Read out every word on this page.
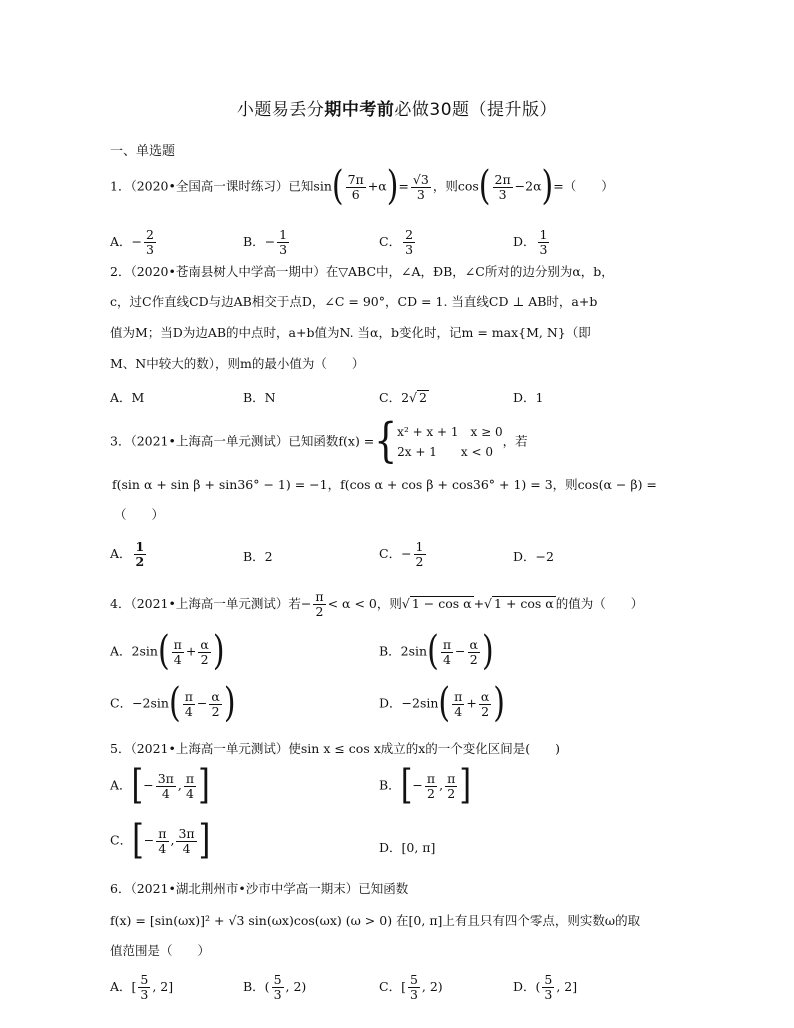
小题易丢分期中考前必做30题（提升版）
一、单选题
1．（2020•全国高一课时练习）已知$\sin( \frac{7\pi}{6} +\alpha)= \frac{√3}{3}$ ，则$\cos( \frac{2\pi}{3} -2\alpha)=$（　　）
A．− $\frac{2}{3}$	B．− $\frac{1}{3}$	C． $\frac{2}{3}$	D． $\frac{1}{3}$
2．（2020•苍南县树人中学高一期中）在▽ABC中，∠A，ÐB，∠C所对的边分别为α，b，
c，过C作直线CD与边AB相交于点D，∠C = 90°，CD = 1. 当直线CD ⊥ AB时，a+b
值为M；当D为边AB的中点时，a+b值为N. 当α，b变化时，记m = max{M, N}（即
M、N中较大的数），则m的最小值为（　　）
A．M	B．N	C．2√ 2	D．1
3．（2021•上海高一单元测试）已知函数f(x) ={x² + x + 1　x ≥ 0
2x + 1　　x < 0，若
f(sin α + sin β + sin36° − 1) = −1，f(cos α + cos β + cos36° + 1) = 3，则cos(α − β) =
（　　）
A． $\frac{1}{2}$	B．2	C．− $\frac{1}{2}$	D．−2
4．（2021•上海高一单元测试）若− $\frac{\pi}{2} < \alpha < 0$，则√ 1 − cos α +√ 1 + cos α 的值为（　　）
A．$2\sin( \frac{\pi}{4} + \frac{\alpha}{2}$ )	B．$2\sin( \frac{\pi}{4} - \frac{\alpha}{2}$ )
C．$-2\sin( \frac{\pi}{4} - \frac{\alpha}{2}$ )	D．$-2\sin( \frac{\pi}{4} + \frac{\alpha}{2}$ )
5．（2021•上海高一单元测试）使sin x ≤ cos x成立的x的一个变化区间是(　　)
A．[− $\frac{3\pi}{4}$ , $\frac{\pi}{4}$ ]	B．[− $\frac{\pi}{2}$ , $\frac{\pi}{2}$ ]
C．[− $\frac{\pi}{4}$ , $\frac{3\pi}{4}$ ]	D．[0, π]
6．（2021•湖北荆州市•沙市中学高一期末）已知函数
f(x) = [sin(ωx)]² + √3 sin(ωx)cos(ωx) (ω > 0) 在[0, π]上有且只有四个零点，则实数ω的取
值范围是（　　）
A．[ $\frac{5}{3}$ , 2]	B．( $\frac{5}{3}$ , 2)	C．[ $\frac{5}{3}$ , 2)	D．( $\frac{5}{3}$ , 2]
